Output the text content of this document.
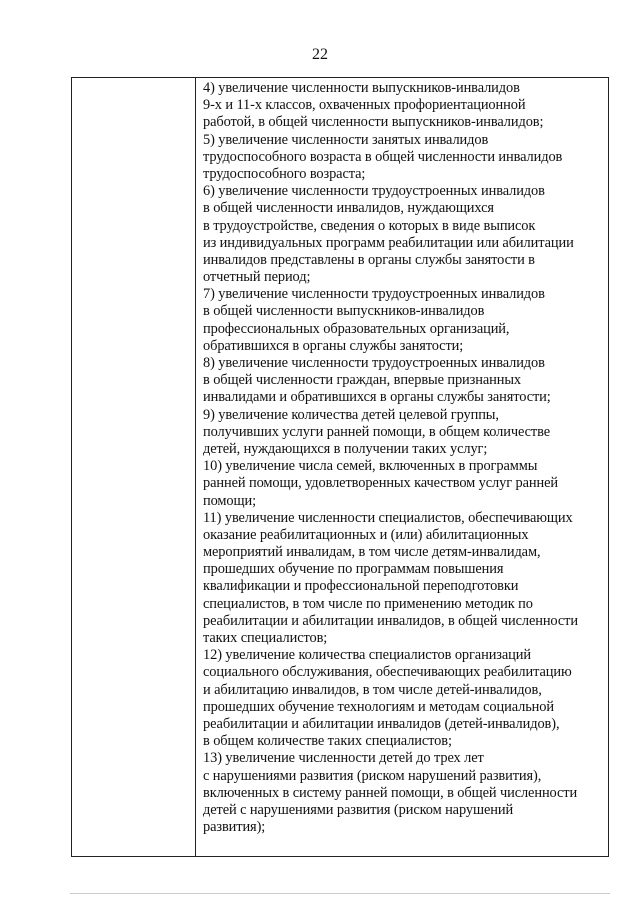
22
4) увеличение численности выпускников-инвалидов
9-х и 11-х классов, охваченных профориентационной
работой, в общей численности выпускников-инвалидов;
5) увеличение численности занятых инвалидов
трудоспособного возраста в общей численности инвалидов
трудоспособного возраста;
6) увеличение численности трудоустроенных инвалидов
в общей численности инвалидов, нуждающихся
в трудоустройстве, сведения о которых в виде выписок
из индивидуальных программ реабилитации или абилитации
инвалидов представлены в органы службы занятости в
отчетный период;
7) увеличение численности трудоустроенных инвалидов
в общей численности выпускников-инвалидов
профессиональных образовательных организаций,
обратившихся в органы службы занятости;
8) увеличение численности трудоустроенных инвалидов
в общей численности граждан, впервые признанных
инвалидами и обратившихся в органы службы занятости;
9) увеличение количества детей целевой группы,
получивших услуги ранней помощи, в общем количестве
детей, нуждающихся в получении таких услуг;
10) увеличение числа семей, включенных в программы
ранней помощи, удовлетворенных качеством услуг ранней
помощи;
11) увеличение численности специалистов, обеспечивающих
оказание реабилитационных и (или) абилитационных
мероприятий инвалидам, в том числе детям-инвалидам,
прошедших обучение по программам повышения
квалификации и профессиональной переподготовки
специалистов, в том числе по применению методик по
реабилитации и абилитации инвалидов, в общей численности
таких специалистов;
12) увеличение количества специалистов организаций
социального обслуживания, обеспечивающих реабилитацию
и абилитацию инвалидов, в том числе детей-инвалидов,
прошедших обучение технологиям и методам социальной
реабилитации и абилитации инвалидов (детей-инвалидов),
в общем количестве таких специалистов;
13) увеличение численности детей до трех лет
с нарушениями развития (риском нарушений развития),
включенных в систему ранней помощи, в общей численности
детей с нарушениями развития (риском нарушений
развития);
